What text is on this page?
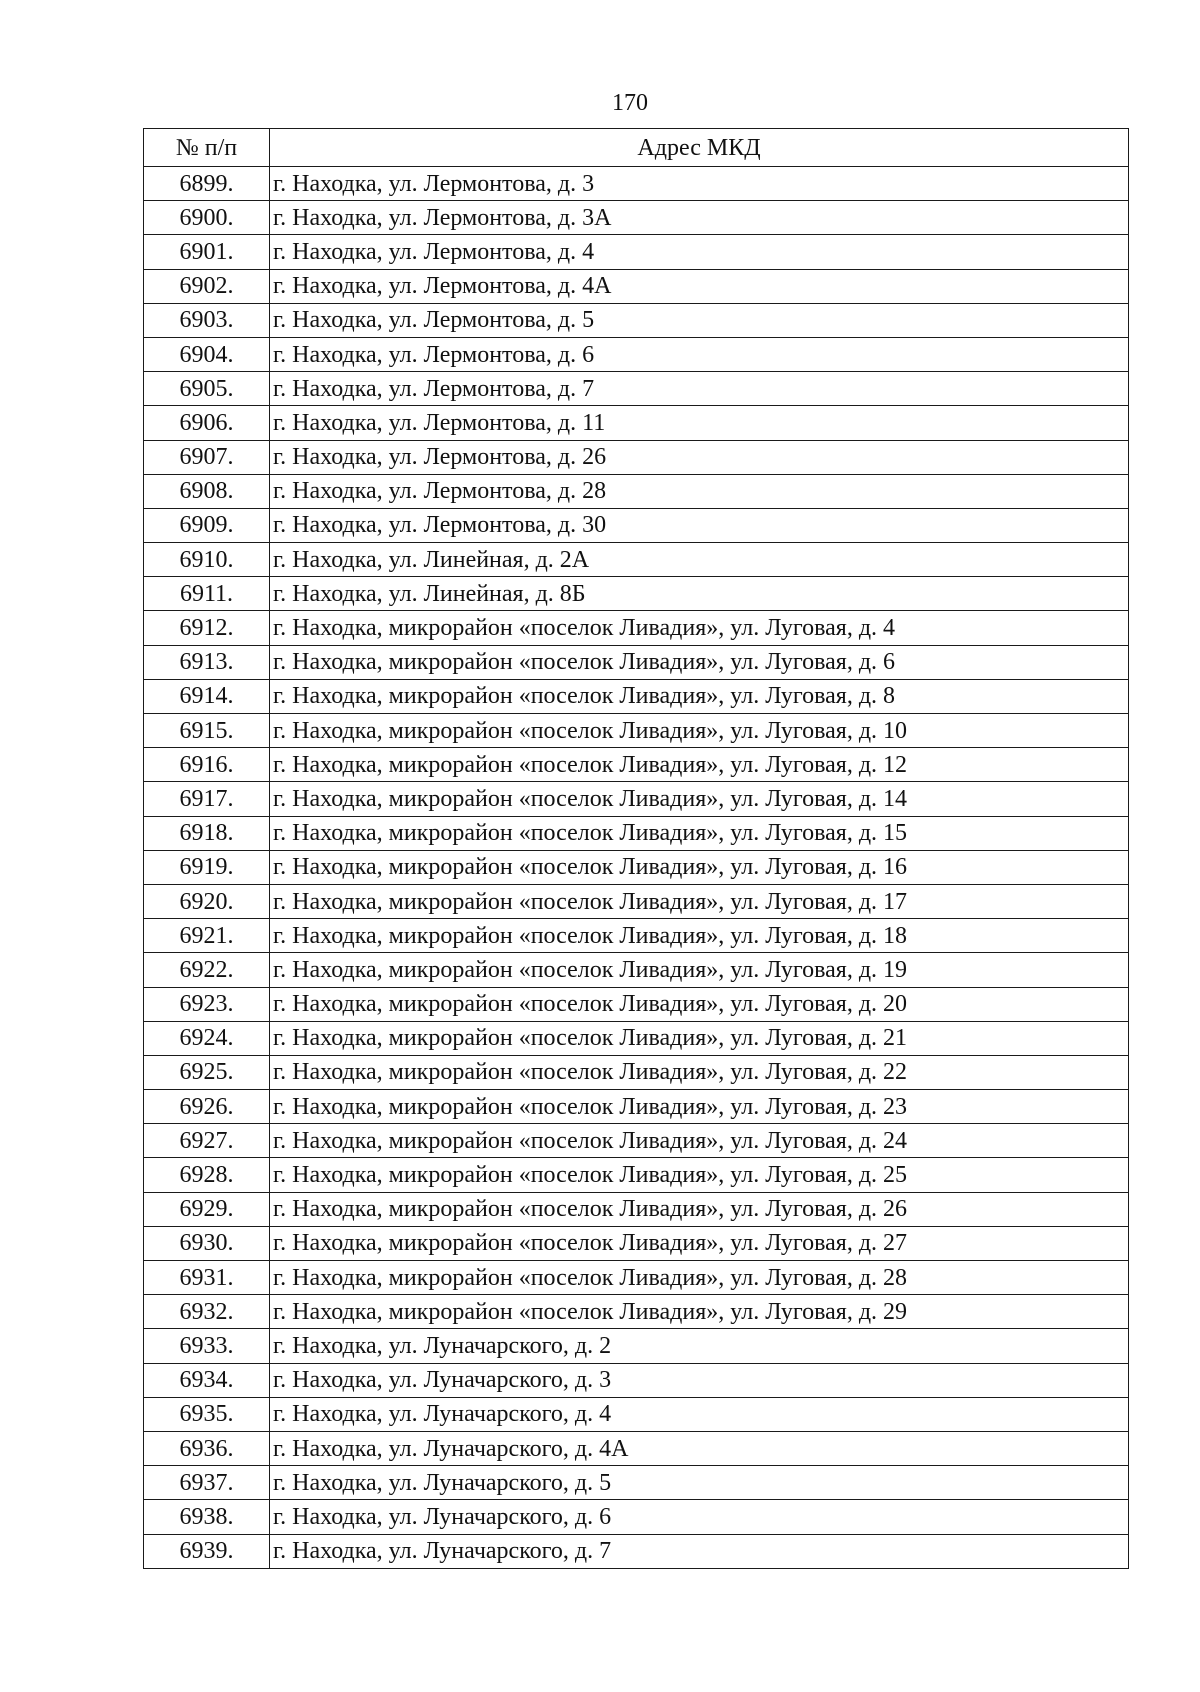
170
№ п/п	Адрес МКД
6899.	г. Находка, ул. Лермонтова, д. 3
6900.	г. Находка, ул. Лермонтова, д. 3А
6901.	г. Находка, ул. Лермонтова, д. 4
6902.	г. Находка, ул. Лермонтова, д. 4А
6903.	г. Находка, ул. Лермонтова, д. 5
6904.	г. Находка, ул. Лермонтова, д. 6
6905.	г. Находка, ул. Лермонтова, д. 7
6906.	г. Находка, ул. Лермонтова, д. 11
6907.	г. Находка, ул. Лермонтова, д. 26
6908.	г. Находка, ул. Лермонтова, д. 28
6909.	г. Находка, ул. Лермонтова, д. 30
6910.	г. Находка, ул. Линейная, д. 2А
6911.	г. Находка, ул. Линейная, д. 8Б
6912.	г. Находка, микрорайон «поселок Ливадия», ул. Луговая, д. 4
6913.	г. Находка, микрорайон «поселок Ливадия», ул. Луговая, д. 6
6914.	г. Находка, микрорайон «поселок Ливадия», ул. Луговая, д. 8
6915.	г. Находка, микрорайон «поселок Ливадия», ул. Луговая, д. 10
6916.	г. Находка, микрорайон «поселок Ливадия», ул. Луговая, д. 12
6917.	г. Находка, микрорайон «поселок Ливадия», ул. Луговая, д. 14
6918.	г. Находка, микрорайон «поселок Ливадия», ул. Луговая, д. 15
6919.	г. Находка, микрорайон «поселок Ливадия», ул. Луговая, д. 16
6920.	г. Находка, микрорайон «поселок Ливадия», ул. Луговая, д. 17
6921.	г. Находка, микрорайон «поселок Ливадия», ул. Луговая, д. 18
6922.	г. Находка, микрорайон «поселок Ливадия», ул. Луговая, д. 19
6923.	г. Находка, микрорайон «поселок Ливадия», ул. Луговая, д. 20
6924.	г. Находка, микрорайон «поселок Ливадия», ул. Луговая, д. 21
6925.	г. Находка, микрорайон «поселок Ливадия», ул. Луговая, д. 22
6926.	г. Находка, микрорайон «поселок Ливадия», ул. Луговая, д. 23
6927.	г. Находка, микрорайон «поселок Ливадия», ул. Луговая, д. 24
6928.	г. Находка, микрорайон «поселок Ливадия», ул. Луговая, д. 25
6929.	г. Находка, микрорайон «поселок Ливадия», ул. Луговая, д. 26
6930.	г. Находка, микрорайон «поселок Ливадия», ул. Луговая, д. 27
6931.	г. Находка, микрорайон «поселок Ливадия», ул. Луговая, д. 28
6932.	г. Находка, микрорайон «поселок Ливадия», ул. Луговая, д. 29
6933.	г. Находка, ул. Луначарского, д. 2
6934.	г. Находка, ул. Луначарского, д. 3
6935.	г. Находка, ул. Луначарского, д. 4
6936.	г. Находка, ул. Луначарского, д. 4А
6937.	г. Находка, ул. Луначарского, д. 5
6938.	г. Находка, ул. Луначарского, д. 6
6939.	г. Находка, ул. Луначарского, д. 7
